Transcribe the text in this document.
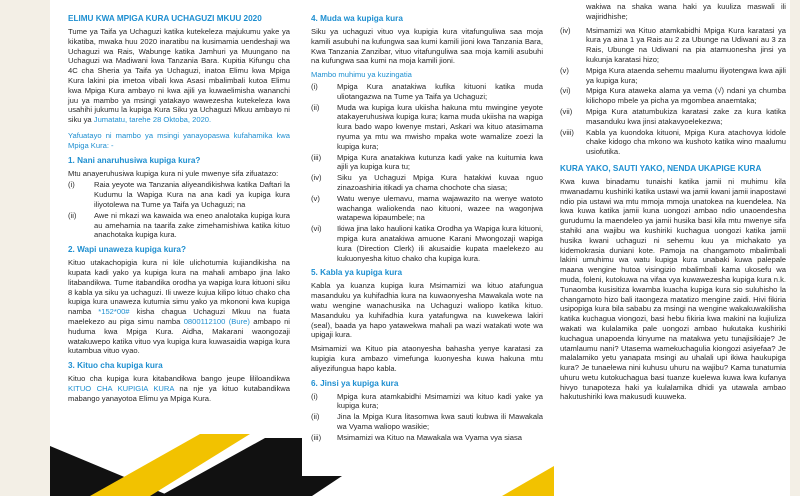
ELIMU KWA MPIGA KURA UCHAGUZI MKUU 2020

Tume ya Taifa ya Uchaguzi katika kutekeleza majukumu yake ya kikatiba, mwaka huu 2020 inaratibu na kusimamia uendeshaji wa Uchaguzi wa Rais, Wabunge katika Jamhuri ya Muungano na Uchaguzi wa Madiwani kwa Tanzania Bara. Kupitia Kifungu cha 4C cha Sheria ya Taifa ya Uchaguzi, inatoa Elimu kwa Mpiga Kura lakini pia imetoa vibali kwa Asasi mbalimbali kutoa Elimu kwa Mpiga Kura ambayo ni kwa ajili ya kuwaelimisha wananchi juu ya mambo ya msingi yatakayo wawezesha kutekeleza kwa usahihi jukumu la kupiga Kura Siku ya Uchaguzi Mkuu ambayo ni siku ya Jumatatu, tarehe 28 Oktoba, 2020.

Yafuatayo ni mambo ya msingi yanayopaswa kufahamika kwa Mpiga Kura: -

1. Nani anaruhusiwa kupiga kura?

Mtu anayeruhusiwa kupiga kura ni yule mwenye sifa zifuatazo:

(i)	Raia yeyote wa Tanzania aliyeandikishwa katika Daftari la Kudumu la Wapiga Kura na ana kadi ya kupiga kura iliyotolewa na Tume ya Taifa ya Uchaguzi; na
(ii)	Awe ni mkazi wa kawaida wa eneo analotaka kupiga kura au amehamia na taarifa zake zimehamishiwa katika kituo anachotaka kupiga kura.
2. Wapi unaweza kupiga kura?

Kituo utakachopigia kura ni kile ulichotumia kujiandikisha na kupata kadi yako ya kupiga kura na mahali ambapo jina lako litabandikwa. Tume itabandika orodha ya wapiga kura kituoni siku 8 kabla ya siku ya uchaguzi. Ili uweze kujua kilipo kituo chako cha kupiga kura unaweza kutumia simu yako ya mkononi kwa kupiga namba *152*00# kisha chagua Uchaguzi Mkuu na fuata maelekezo au piga simu namba 0800112100 (Bure) ambapo ni huduma kwa Mpiga Kura. Aidha, Makarani waongozaji watakuwepo katika vituo vya kupiga kura kuwasaidia wapiga kura kutambua vituo vyao.

3. Kituo cha kupiga kura

Kituo cha kupiga kura kitabandikwa bango jeupe lililoandikwa KITUO CHA KUPIGIA KURA na nje ya kituo kutabandikwa mabango yanayotoa Elimu ya Mpiga Kura.

4. Muda wa kupiga kura

Siku ya uchaguzi vituo vya kupigia kura vitafunguliwa saa moja kamili asubuhi na kufungwa saa kumi kamili jioni kwa Tanzania Bara, Kwa Tanzania Zanzibar, vituo vitafunguliwa saa moja kamili asubuhi na kufungwa saa kumi na moja kamili jioni.

Mambo muhimu ya kuzingatia

(i)	Mpiga Kura anatakiwa kufika kituoni katika muda uliotangazwa na Tume ya Taifa ya Uchaguzi;
(ii)	Muda wa kupiga kura ukiisha hakuna mtu mwingine yeyote atakayeruhusiwa kupiga kura; kama muda ukiisha na wapiga kura bado wapo kwenye mstari, Askari wa kituo atasimama nyuma ya mtu wa mwisho mpaka wote wamalize zoezi la kupiga kura;
(iii)	Mpiga Kura anatakiwa kutunza kadi yake na kuitumia kwa ajili ya kupiga kura tu;
(iv)	Siku ya Uchaguzi Mpiga Kura hatakiwi kuvaa nguo zinazoashiria itikadi ya chama chochote cha siasa;
(v)	Watu wenye ulemavu, mama wajawazito na wenye watoto wachanga waliokenda nao kituoni, wazee na wagonjwa watapewa kipaumbele; na
(vi)	Ikiwa jina lako haulioni katika Orodha ya Wapiga kura kituoni, mpiga kura anatakiwa amuone Karani Mwongozaji wapiga kura (Direction Clerk) ili akusaidie kupata maelekezo au kukuonyesha kituo chako cha kupiga kura.
5. Kabla ya kupiga kura

Kabla ya kuanza kupiga kura Msimamizi wa kituo atafungua masanduku ya kuhifadhia kura na kuwaonyesha Mawakala wote na watu wengine wanachusika na Uchaguzi waliopo katika kituo. Masanduku ya kuhifadhia kura yatafungwa na kuwekewa lakiri (seal), baada ya hapo yatawekwa mahali pa wazi watakati wote wa upigaji kura.

Msimamizi wa Kituo pia ataonyesha bahasha yenye karatasi za kupigia kura ambazo vimefunga kuonyesha kuwa hakuna mtu aliyezifungua hapo kabla.

6. Jinsi ya kupiga kura
(i)	Mpiga kura atamkabidhi Msimamizi wa kituo kadi yake ya kupiga kura;
(ii)	Jina la Mpiga Kura litasomwa kwa sauti kubwa ili Mawakala wa Vyama waliopo wasikie;
(iii)	Msimamizi wa Kituo na Mawakala wa Vyama vya siasa

wakiwa na shaka wana haki ya kuuliza maswali ili wajiridhishe;

(iv)	Msimamizi wa Kituo atamkabidhi Mpiga Kura karatasi ya kura ya aina 1 ya Rais au 2 za Ubunge na Udiwani au 3 za Rais, Ubunge na Udiwani na pia atamuonesha jinsi ya kukunja karatasi hizo;
(v)	Mpiga Kura ataenda sehemu maalumu iliyotengwa kwa ajili ya kupiga kura;
(vi)	Mpiga Kura ataweka alama ya vema (√) ndani ya chumba kilichopo mbele ya picha ya mgombea anaemtaka;
(vii)	Mpiga Kura atatumbukiza karatasi zake za kura katika masanduku kwa jinsi atakavyoelekezwa;
(viii)	Kabla ya kuondoka kituoni, Mpiga Kura atachovya kidole chake kidogo cha mkono wa kushoto katika wino maalumu usiofutika.
KURA YAKO, SAUTI YAKO, NENDA UKAPIGE KURA

Kwa kuwa binadamu tunaishi katika jamii ni muhimu kila mwanadamu kushiriki katika ustawi wa jamii kwani jamii inapostawi ndio pia ustawi wa mtu mmoja mmoja unatokea na kuendelea. Na kwa kuwa katika jamii kuna uongozi ambao ndio unaoendesha gurudumu la maendeleo ya jamii husika basi kila mtu mwenye sifa stahiki ana wajibu wa kushiriki kuchagua uongozi katika jamii husika kwani uchaguzi ni sehemu kuu ya michakato ya kidemokrasia duniani kote. Pamoja na changamoto mbalimbali lakini umuhimu wa watu kupiga kura unabaki kuwa palepale maana wengine hutoa visingizio mbalimbali kama ukosefu wa muda, foleni, kutokuwa na vifaa vya kuwawezesha kupiga kura n.k. Tunaomba kusisitiza kwamba kuacha kupiga kura sio suluhisho la changamoto hizo bali itaongeza matatizo mengine zaidi. Hivi fikiria usipopiga kura bila sababu za msingi na wengine wakakuwakilisha katika kuchagua viongozi, basi hebu fikiria kwa makini na kujiuliza wakati wa kulalamika pale uongozi ambao hukutaka kushiriki kuchagua unapoenda kinyume na matakwa yetu tunajisikiaje? Je utamlaumu nani? Utasema wamekuchagulia kiongozi asiyefaa? Je malalamiko yetu yanapata msingi au uhalali upi ikiwa haukupiga kura? Je tunaelewa nini kuhusu uhuru na wajibu? Kama tunatumia uhuru wetu kutokuchagua basi tuanze kuelewa kuwa kwa kufanya hivyo tunapoteza haki ya kulalamika dhidi ya utawala ambao hakutushiriki kwa makusudi kuuweka.
